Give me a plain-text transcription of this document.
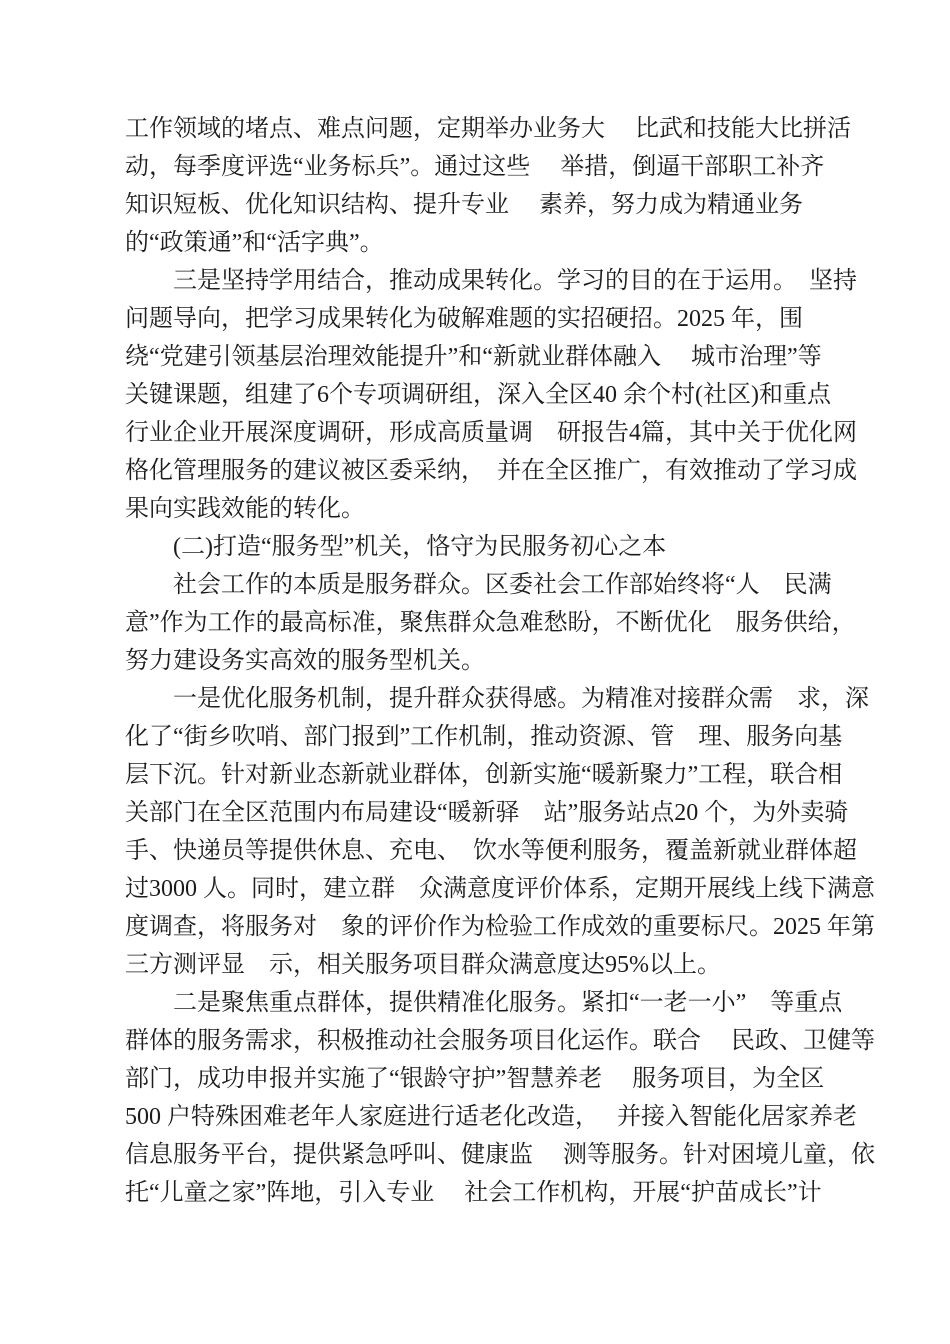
工作领域的堵点、难点问题，定期举办业务大　 比武和技能大比拼活
动，每季度评选“业务标兵”。通过这些　 举措，倒逼干部职工补齐
知识短板、优化知识结构、提升专业　 素养，努力成为精通业务
的“政策通”和“活字典”。
三是坚持学用结合，推动成果转化。学习的目的在于运用。　坚持
问题导向，把学习成果转化为破解难题的实招硬招。2025 年，围
绕“党建引领基层治理效能提升”和“新就业群体融入　 城市治理”等
关键课题，组建了6个专项调研组，深入全区40 余个村(社区)和重点
行业企业开展深度调研，形成高质量调　研报告4篇，其中关于优化网
格化管理服务的建议被区委采纳，　并在全区推广，有效推动了学习成
果向实践效能的转化。
(二)打造“服务型”机关，恪守为民服务初心之本
社会工作的本质是服务群众。区委社会工作部始终将“人　民满
意”作为工作的最高标准，聚焦群众急难愁盼，不断优化　服务供给，
努力建设务实高效的服务型机关。
一是优化服务机制，提升群众获得感。为精准对接群众需　求，深
化了“街乡吹哨、部门报到”工作机制，推动资源、管　理、服务向基
层下沉。针对新业态新就业群体，创新实施“暖新聚力”工程，联合相
关部门在全区范围内布局建设“暖新驿　站”服务站点20 个，为外卖骑
手、快递员等提供休息、充电、　饮水等便利服务，覆盖新就业群体超
过3000 人。同时，建立群　众满意度评价体系，定期开展线上线下满意
度调查，将服务对　象的评价作为检验工作成效的重要标尺。2025 年第
三方测评显　示，相关服务项目群众满意度达95%以上。
二是聚焦重点群体，提供精准化服务。紧扣“一老一小”　等重点
群体的服务需求，积极推动社会服务项目化运作。联合　 民政、卫健等
部门，成功申报并实施了“银龄守护”智慧养老　 服务项目，为全区
500 户特殊困难老年人家庭进行适老化改造，　 并接入智能化居家养老
信息服务平台，提供紧急呼叫、健康监　 测等服务。针对困境儿童，依
托“儿童之家”阵地，引入专业　 社会工作机构，开展“护苗成长”计
